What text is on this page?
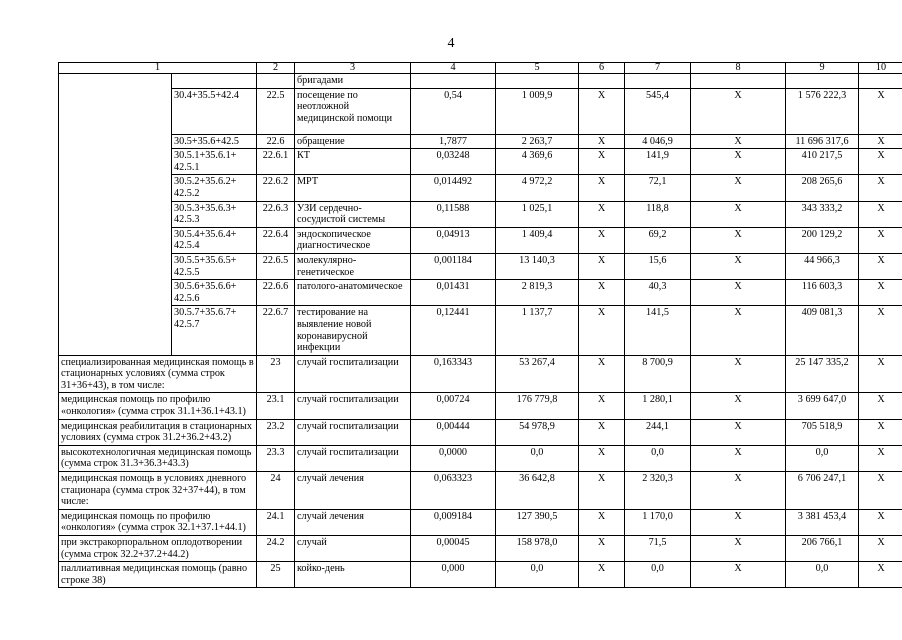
4
1		2	3	4	5	6	7	8	9	10
			бригадами							
	30.4+35.5+42.4	22.5	посещение по неотложной медицинской помощи	0,54	1 009,9	X	545,4	X	1 576 222,3	X
	30.5+35.6+42.5	22.6	обращение	1,7877	2 263,7	X	4 046,9	X	11 696 317,6	X
	30.5.1+35.6.1+ 42.5.1	22.6.1	КТ	0,03248	4 369,6	X	141,9	X	410 217,5	X
	30.5.2+35.6.2+ 42.5.2	22.6.2	МРТ	0,014492	4 972,2	X	72,1	X	208 265,6	X
	30.5.3+35.6.3+ 42.5.3	22.6.3	УЗИ сердечно-сосудистой системы	0,11588	1 025,1	X	118,8	X	343 333,2	X
	30.5.4+35.6.4+ 42.5.4	22.6.4	эндоскопическое диагностическое	0,04913	1 409,4	X	69,2	X	200 129,2	X
	30.5.5+35.6.5+ 42.5.5	22.6.5	молекулярно-генетическое	0,001184	13 140,3	X	15,6	X	44 966,3	X
	30.5.6+35.6.6+ 42.5.6	22.6.6	патолого-анатомическое	0,01431	2 819,3	X	40,3	X	116 603,3	X
	30.5.7+35.6.7+ 42.5.7	22.6.7	тестирование на выявление новой коронавирусной инфекции	0,12441	1 137,7	X	141,5	X	409 081,3	X
специализированная медицинская помощь в стационарных условиях (сумма строк 31+36+43), в том числе:		23	случай госпитализации	0,163343	53 267,4	X	8 700,9	X	25 147 335,2	X
медицинская помощь по профилю «онкология» (сумма строк 31.1+36.1+43.1)		23.1	случай госпитализации	0,00724	176 779,8	X	1 280,1	X	3 699 647,0	X
медицинская реабилитация в стационарных условиях (сумма строк 31.2+36.2+43.2)		23.2	случай госпитализации	0,00444	54 978,9	X	244,1	X	705 518,9	X
высокотехнологичная медицинская помощь (сумма строк 31.3+36.3+43.3)		23.3	случай госпитализации	0,0000	0,0	X	0,0	X	0,0	X
медицинская помощь в условиях дневного стационара (сумма строк 32+37+44), в том числе:		24	случай лечения	0,063323	36 642,8	X	2 320,3	X	6 706 247,1	X
медицинская помощь по профилю «онкология» (сумма строк 32.1+37.1+44.1)		24.1	случай лечения	0,009184	127 390,5	X	1 170,0	X	3 381 453,4	X
при экстракорпоральном оплодотворении (сумма строк 32.2+37.2+44.2)		24.2	случай	0,00045	158 978,0	X	71,5	X	206 766,1	X
паллиативная медицинская помощь (равно строке 38)		25	койко-день	0,000	0,0	X	0,0	X	0,0	X
